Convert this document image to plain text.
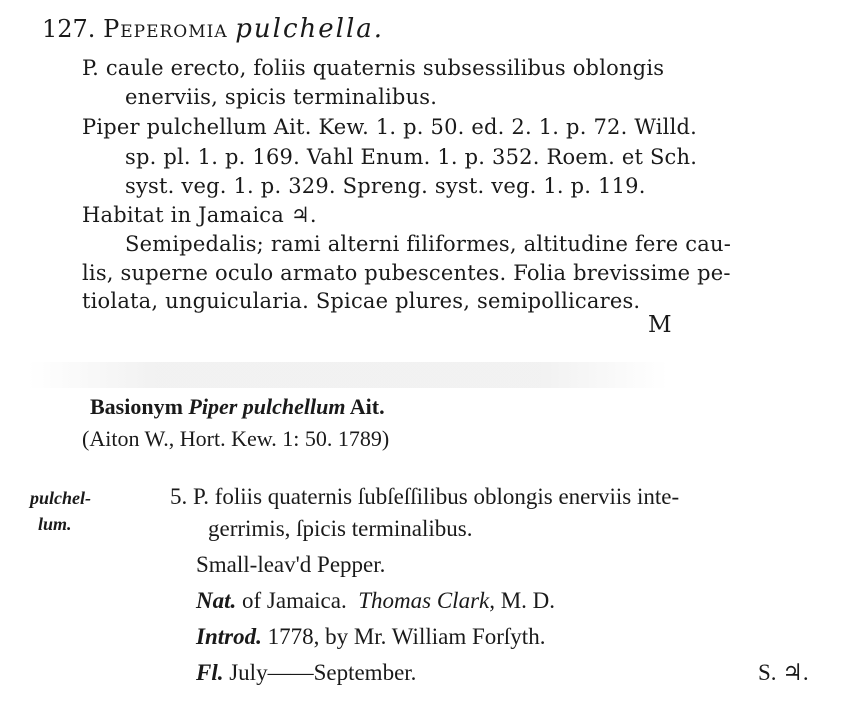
127. Peperomia pulchella.
P. caule erecto, foliis quaternis subsessilibus oblongis
enerviis, spicis terminalibus.
Piper pulchellum Ait. Kew. 1. p. 50. ed. 2. 1. p. 72. Willd.
sp. pl. 1. p. 169. Vahl Enum. 1. p. 352. Roem. et Sch.
syst. veg. 1. p. 329. Spreng. syst. veg. 1. p. 119.
Habitat in Jamaica ♃.
Semipedalis; rami alterni filiformes, altitudine fere cau-
lis, superne oculo armato pubescentes. Folia brevissime pe-
tiolata, unguicularia. Spicae plures, semipollicares.
M
Basionym Piper pulchellum Ait.
(Aiton W., Hort. Kew. 1: 50. 1789)
pulchel-
lum.
5. P. foliis quaternis ſubſeſſilibus oblongis enerviis inte-
gerrimis, ſpicis terminalibus.
Small-leav'd Pepper.
Nat. of Jamaica. Thomas Clark, M. D.
Introd. 1778, by Mr. William Forſyth.
Fl. July——September.	S. ♃.
